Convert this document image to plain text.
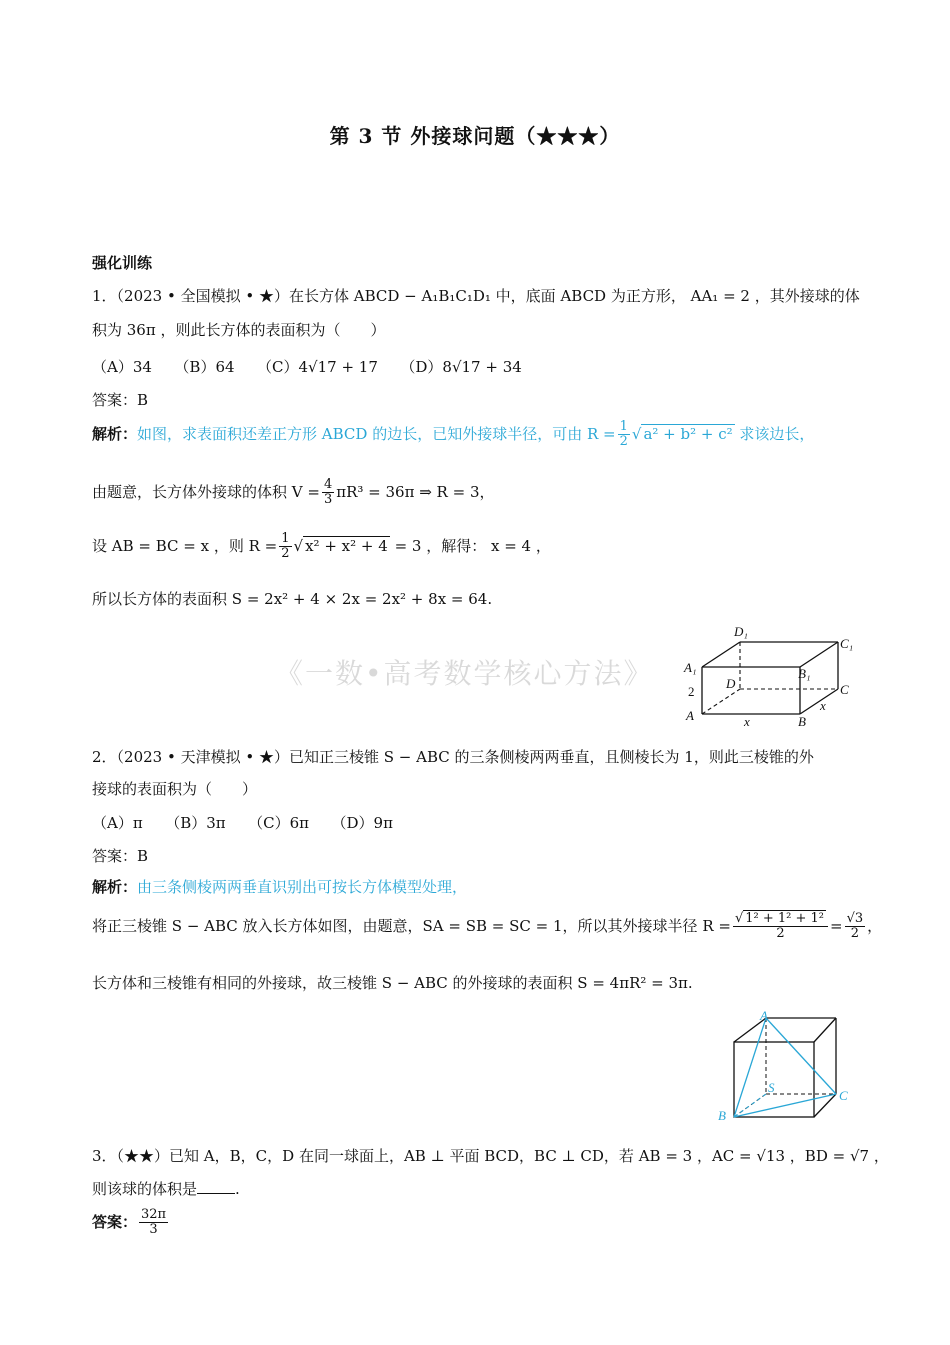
第 3 节 外接球问题（★★★）
《一数•高考数学核心方法》
强化训练
1．（2023 • 全国模拟 • ★）在长方体 ABCD − A₁B₁C₁D₁ 中，底面 ABCD 为正方形， AA₁ = 2 ，其外接球的体
积为 36π ，则此长方体的表面积为（　　）
（A）34　　（B）64　　（C）4√17 + 17　　（D）8√17 + 34
答案：B
解析：如图，求表面积还差正方形 ABCD 的边长，已知外接球半径，可由 $R = \frac{1}{2}$ √ a² + b² + c² 求该边长，
由题意，长方体外接球的体积 $V = \frac{4}{3} \pi R^3 = 36\pi$ ⇒ R = 3，
设 AB = BC = x ，则 $R = \frac{1}{2}$ √ x² + x² + 4 = 3 ，解得： x = 4 ，
所以长方体的表面积 S = 2x² + 4 × 2x = 2x² + 8x = 64.
D₁
C₁
A₁	B₁
D	C
A	B
2
x
x
2．（2023 • 天津模拟 • ★）已知正三棱锥 S − ABC 的三条侧棱两两垂直，且侧棱长为 1，则此三棱锥的外
接球的表面积为（　　）
（A）π　　（B）3π　　（C）6π　　（D）9π
答案：B
解析：由三条侧棱两两垂直识别出可按长方体模型处理，
将正三棱锥 S − ABC 放入长方体如图，由题意，SA = SB = SC = 1，所以其外接球半径 $R = \frac{\text{√ 1² + 1² + 1²}}{2} = \frac{√3}{2}$ ，
长方体和三棱锥有相同的外接球，故三棱锥 S − ABC 的外接球的表面积 S = 4πR² = 3π.
A
S
B
C
3．（★★）已知 A，B，C，D 在同一球面上，AB ⊥ 平面 BCD，BC ⊥ CD，若 AB = 3 ，AC = √13 ，BD = √7 ，
则该球的体积是	.
答案： $\frac{32\pi}{3}$
